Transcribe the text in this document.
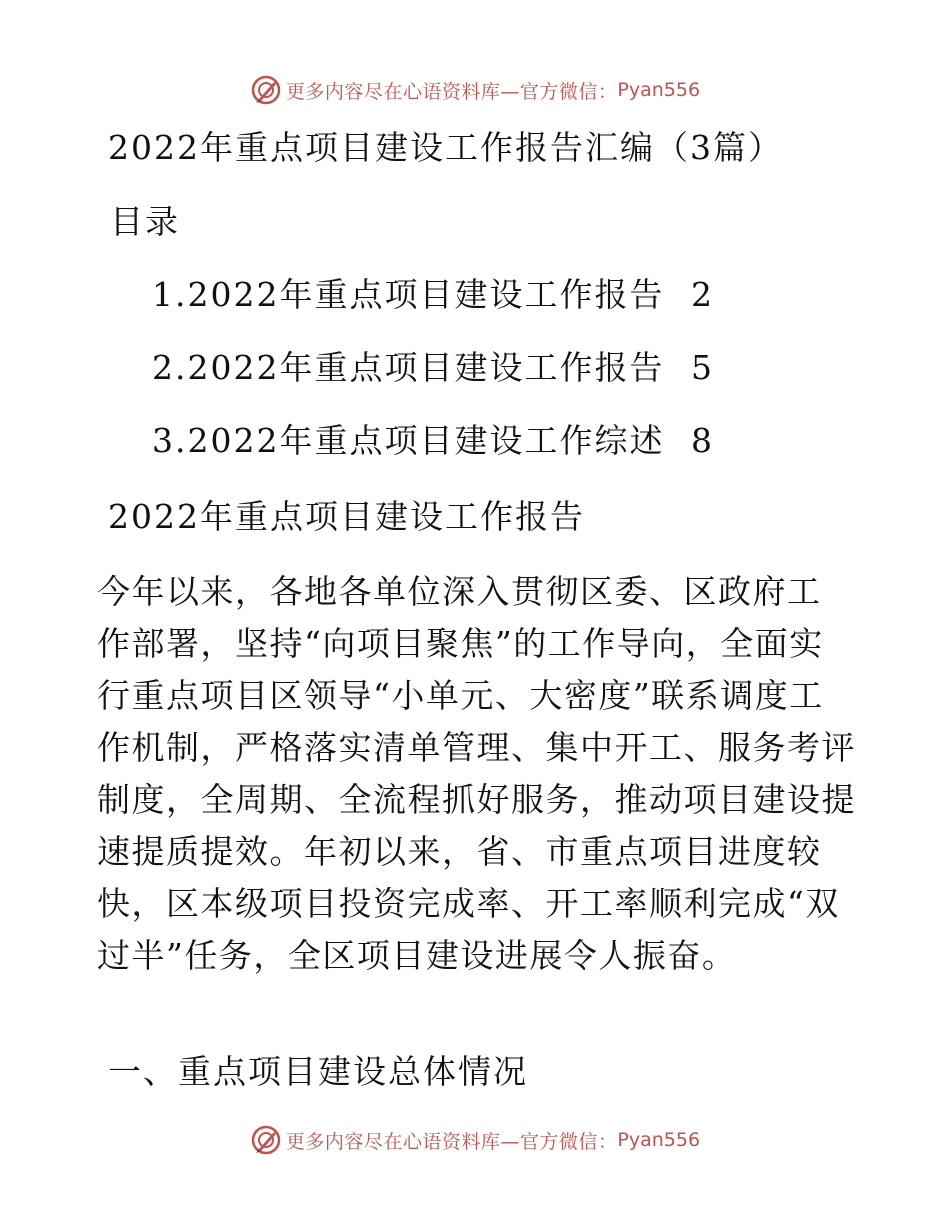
更多内容尽在心语资料库—官方微信： Pyan556
2022年重点项目建设工作报告汇编（3篇）
目录
1.2022年重点项目建设工作报告 2
2.2022年重点项目建设工作报告 5
3.2022年重点项目建设工作综述 8
2022年重点项目建设工作报告
今年以来，各地各单位深入贯彻区委、区政府工
作部署，坚持“向项目聚焦”的工作导向，全面实
行重点项目区领导“小单元、大密度”联系调度工
作机制，严格落实清单管理、集中开工、服务考评
制度，全周期、全流程抓好服务，推动项目建设提
速提质提效。年初以来，省、市重点项目进度较
快，区本级项目投资完成率、开工率顺利完成“双
过半”任务，全区项目建设进展令人振奋。
一、重点项目建设总体情况
更多内容尽在心语资料库—官方微信： Pyan556
